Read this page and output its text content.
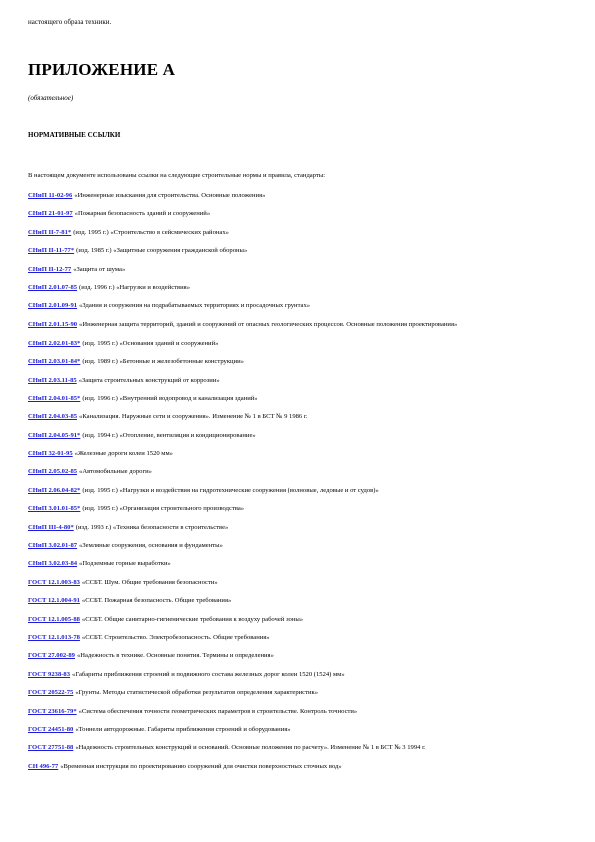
настоящего образа техники.
ПРИЛОЖЕНИЕ А
(обязательное)
НОРМАТИВНЫЕ ССЫЛКИ
В настоящем документе использованы ссылки на следующие строительные нормы и правила, стандарты:
СНиП 11-02-96 «Инженерные изыскания для строительства. Основные положения»
СНиП 21-01-97 «Пожарная безопасность зданий и сооружений»
СНиП II-7-81* (изд. 1995 г.) «Строительство в сейсмических районах»
СНиП II-11-77* (изд. 1985 г.) «Защитные сооружения гражданской обороны»
СНиП II-12-77 «Защита от шума»
СНиП 2.01.07-85 (изд. 1996 г.) «Нагрузки и воздействия»
СНиП 2.01.09-91 «Здания и сооружения на подрабатываемых территориях и просадочных грунтах»
СНиП 2.01.15-90 «Инженерная защита территорий, зданий и сооружений от опасных геологических процессов. Основные положения проектирования»
СНиП 2.02.01-83* (изд. 1995 г.) «Основания зданий и сооружений»
СНиП 2.03.01-84* (изд. 1989 г.) «Бетонные и железобетонные конструкции»
СНиП 2.03.11-85 «Защита строительных конструкций от коррозии»
СНиП 2.04.01-85* (изд. 1996 г.) «Внутренний водопровод и канализация зданий»
СНиП 2.04.03-85 «Канализация. Наружные сети и сооружения». Изменение № 1 в БСТ № 9 1986 г.
СНиП 2.04.05-91* (изд. 1994 г.) «Отопление, вентиляция и кондиционирование»
СНиП 32-01-95 «Железные дороги колеи 1520 мм»
СНиП 2.05.02-85 «Автомобильные дороги»
СНиП 2.06.04-82* (изд. 1995 г.) «Нагрузки и воздействия на гидротехнические сооружения (волновые, ледовые и от судов)»
СНиП 3.01.01-85* (изд. 1995 г.) «Организация строительного производства»
СНиП III-4-80* (изд. 1993 г.) «Техника безопасности в строительстве»
СНиП 3.02.01-87 «Земляные сооружения, основания и фундаменты»
СНиП 3.02.03-84 «Подземные горные выработки»
ГОСТ 12.1.003-83 «ССБТ. Шум. Общие требования безопасности»
ГОСТ 12.1.004-91 «ССБТ. Пожарная безопасность. Общие требования»
ГОСТ 12.1.005-88 «ССБТ. Общие санитарно-гигиенические требования к воздуху рабочей зоны»
ГОСТ 12.1.013-78 «ССБТ. Строительство. Электробезопасность. Общие требования»
ГОСТ 27.002-89 «Надежность в технике. Основные понятия. Термины и определения»
ГОСТ 9238-83 «Габариты приближения строений и подвижного состава железных дорог колеи 1520 (1524) мм»
ГОСТ 20522-75 «Грунты. Методы статистической обработки результатов определения характеристик»
ГОСТ 23616-79* «Система обеспечения точности геометрических параметров в строительстве. Контроль точности»
ГОСТ 24451-80 «Тоннели автодорожные. Габариты приближения строений и оборудования»
ГОСТ 27751-88 «Надежность строительных конструкций и оснований. Основные положения по расчету». Изменение № 1 в БСТ № 3 1994 г.
СН 496-77 «Временная инструкция по проектированию сооружений для очистки поверхностных сточных вод»
